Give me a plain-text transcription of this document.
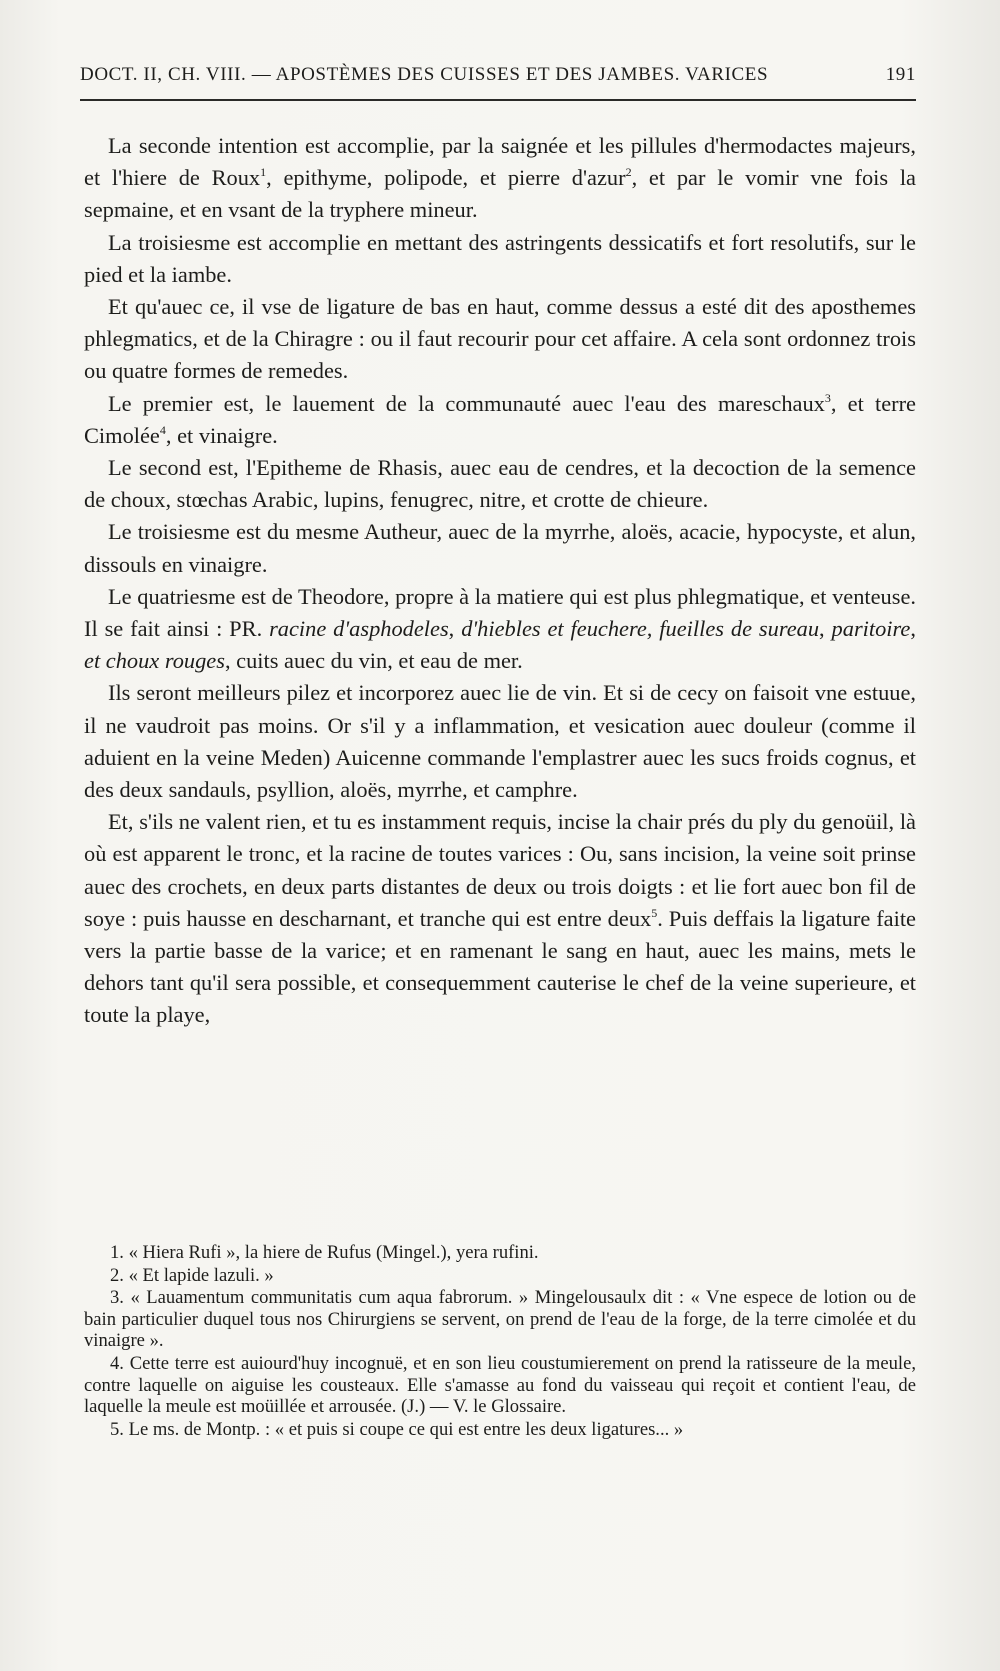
DOCT. II, CH. VIII. — APOSTÈMES DES CUISSES ET DES JAMBES. VARICES	191

La seconde intention est accomplie, par la saignée et les pillules d'hermodactes majeurs, et l'hiere de Roux$^1$, epithyme, polipode, et pierre d'azur$^2$, et par le vomir vne fois la sepmaine, et en vsant de la tryphere mineur.

La troisiesme est accomplie en mettant des astringents dessicatifs et fort resolutifs, sur le pied et la iambe.

Et qu'auec ce, il vse de ligature de bas en haut, comme dessus a esté dit des aposthemes phlegmatics, et de la Chiragre : ou il faut recourir pour cet affaire. A cela sont ordonnez trois ou quatre formes de remedes.

Le premier est, le lauement de la communauté auec l'eau des mareschaux$^3$, et terre Cimolée$^4$, et vinaigre.

Le second est, l'Epitheme de Rhasis, auec eau de cendres, et la decoction de la semence de choux, stœchas Arabic, lupins, fenugrec, nitre, et crotte de chieure.

Le troisiesme est du mesme Autheur, auec de la myrrhe, aloës, acacie, hypocyste, et alun, dissouls en vinaigre.

Le quatriesme est de Theodore, propre à la matiere qui est plus phlegmatique, et venteuse. Il se fait ainsi : PR. racine d'asphodeles, d'hiebles et feuchere, fueilles de sureau, paritoire, et choux rouges, cuits auec du vin, et eau de mer.

Ils seront meilleurs pilez et incorporez auec lie de vin. Et si de cecy on faisoit vne estuue, il ne vaudroit pas moins. Or s'il y a inflammation, et vesication auec douleur (comme il aduient en la veine Meden) Auicenne commande l'emplastrer auec les sucs froids cognus, et des deux sandauls, psyllion, aloës, myrrhe, et camphre.

Et, s'ils ne valent rien, et tu es instamment requis, incise la chair prés du ply du genoüil, là où est apparent le tronc, et la racine de toutes varices : Ou, sans incision, la veine soit prinse auec des crochets, en deux parts distantes de deux ou trois doigts : et lie fort auec bon fil de soye : puis hausse en descharnant, et tranche qui est entre deux$^5$. Puis deffais la ligature faite vers la partie basse de la varice; et en ramenant le sang en haut, auec les mains, mets le dehors tant qu'il sera possible, et consequemment cauterise le chef de la veine superieure, et toute la playe,

1. « Hiera Rufi », la hiere de Rufus (Mingel.), yera rufini.

2. « Et lapide lazuli. »

3. « Lauamentum communitatis cum aqua fabrorum. » Mingelousaulx dit : « Vne espece de lotion ou de bain particulier duquel tous nos Chirurgiens se servent, on prend de l'eau de la forge, de la terre cimolée et du vinaigre ».

4. Cette terre est auiourd'huy incognuë, et en son lieu coustumierement on prend la ratisseure de la meule, contre laquelle on aiguise les cousteaux. Elle s'amasse au fond du vaisseau qui reçoit et contient l'eau, de laquelle la meule est moüillée et arrousée. (J.) — V. le Glossaire.

5. Le ms. de Montp. : « et puis si coupe ce qui est entre les deux ligatures... »
